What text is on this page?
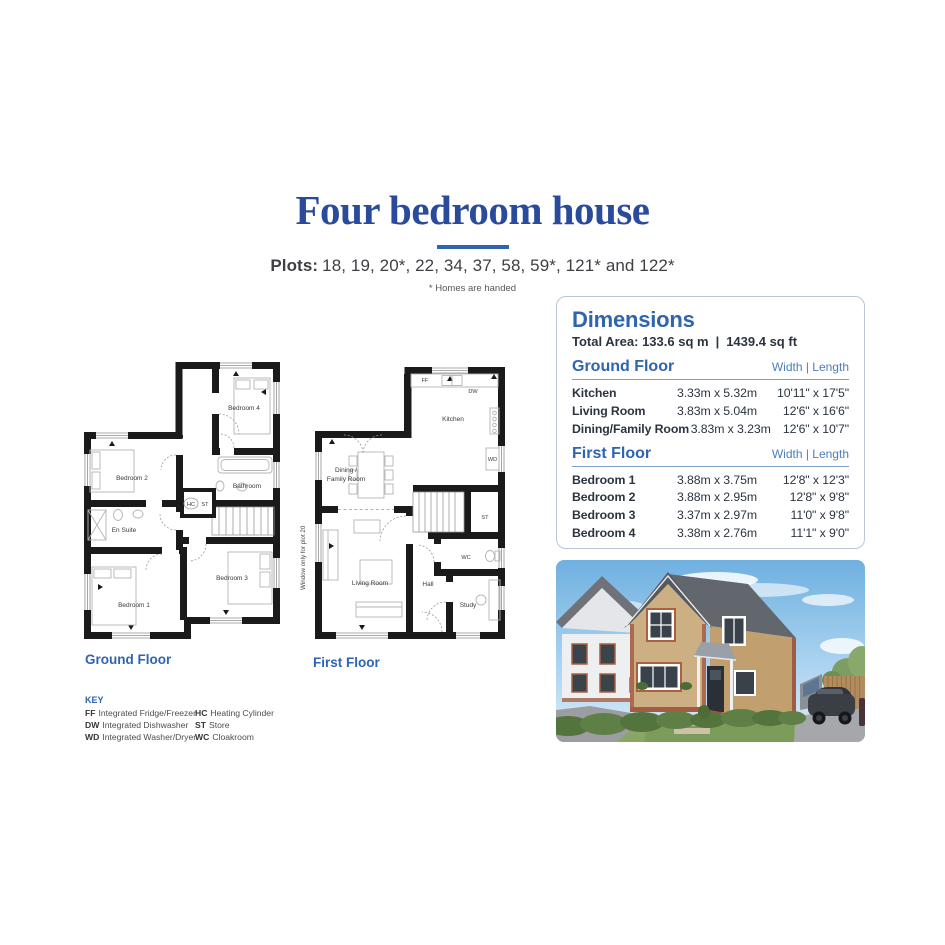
Four bedroom house
Plots: 18, 19, 20*, 22, 34, 37, 58, 59*, 121* and 122*
* Homes are handed
Bedroom 4
Bedroom 2
Bathroom
En Suite
Bedroom 1
Bedroom 3
HC ST
Ground Floor
Window only for plot 20
Kitchen
Dining /
Family Room
Living Room	Hall
Study
FF
DW
WD
ST
WC
First Floor
KEY
FF Integrated Fridge/Freezer
DW Integrated Dishwasher
WD Integrated Washer/Dryer
HC Heating Cylinder
ST Store
WC Cloakroom
Dimensions
Total Area: 133.6 sq m | 1439.4 sq ft
Ground Floor	Width | Length
Kitchen	3.33m x 5.32m	10'11" x 17'5"
Living Room	3.83m x 5.04m	12'6" x 16'6"
Dining/Family Room 3.83m x 3.23m 12'6" x 10'7"
First Floor	Width | Length
Bedroom 1	3.88m x 3.75m	12'8" x 12'3"
Bedroom 2	3.88m x 2.95m	12'8" x 9'8"
Bedroom 3	3.37m x 2.97m	11'0" x 9'8"
Bedroom 4	3.38m x 2.76m	11'1" x 9'0"
